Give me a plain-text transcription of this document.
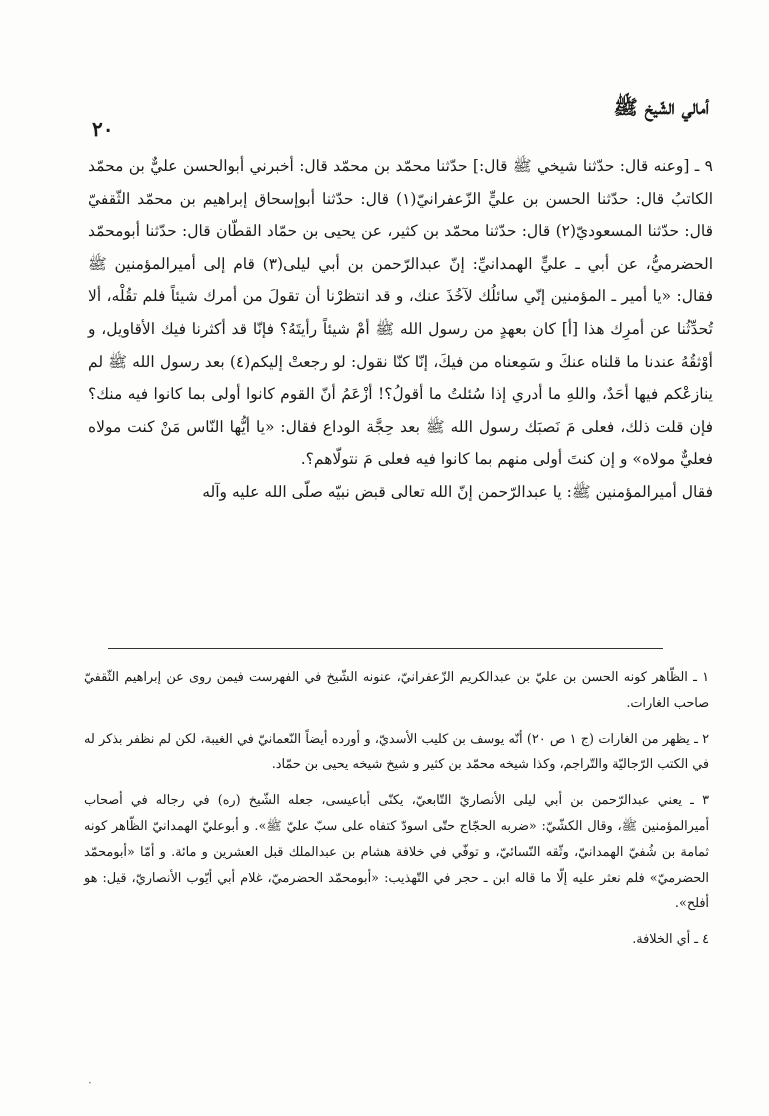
أمالي الشّيخ ﷺ
٢٠

٩ ـ [وعنه قال: حدّثنا شيخي ﷺ قال:] حدّثنا محمّد بن محمّد قال: أخبرني أبوالحسن عليٌّ بن محمّد الكاتبُ قال: حدّثنا الحسن بن عليٍّ الزّعفرانيّ(١) قال: حدّثنا أبوإسحاق إبراهيم بن محمّد الثّقفيّ قال: حدّثنا المسعوديّ(٢) قال: حدّثنا محمّد بن كثير، عن يحيى بن حمّاد القطّان قال: حدّثنا أبومحمّد الحضرميُّ، عن أبي ـ عليٍّ الهمدانيِّ: إنّ عبدالرّحمن بن أبي ليلى(٣) قام إلى أميرالمؤمنين ﷺ فقال: «يا أمير ـ المؤمنين إنّي سائلُك لآخُذَ عنك، و قد انتظرْنا أن تقولَ من أمرك شيئاً فلم تقُلْه، ألا تُحدِّثُنا عن أمرِك هذا [أ] كان بعهدٍ من رسول الله ﷺ أمْ شيئاً رأيتَهُ؟ فإنّا قد أكثرنا فيك الأقاويل، و أوْثقُهُ عندنا ما قلناه عنكَ و سَمِعناه من فيكَ، إنّا كنّا نقول: لو رجعتْ إليكم(٤) بعد رسول الله ﷺ لم ينازعْكم فيها أحَدٌ، واللهِ ما أدري إذا سُئلتُ ما أقولُ؟! أزْعَمُ أنّ القوم كانوا أولى بما كانوا فيه منك؟ فإن قلت ذلك، فعلى مَ نَصبَك رسول الله ﷺ بعد حِجَّة الوداع فقال: «يا أيُّها النّاس مَنْ كنت مولاه فعليٌّ مولاه» و إن كنتَ أولى منهم بما كانوا فيه فعلى مَ نتولّاهم؟.

فقال أميرالمؤمنين ﷺ: يا عبدالرّحمن إنّ الله تعالى قبض نبيّه صلّى الله عليه وآله

١ ـ الظّاهر كونه الحسن بن عليّ بن عبدالكريم الزّعفرانيّ، عنونه الشّيخ في الفهرست فيمن روى عن إبراهيم الثّقفيّ صاحب الغارات.

٢ ـ يظهر من الغارات (ج ١ ص ٢٠) أنّه يوسف بن كليب الأسديّ، و أورده أيضاً النّعمانيّ في الغيبة، لكن لم نظفر بذكر له في الكتب الرّجاليّة والتّراجم، وكذا شيخه محمّد بن كثير و شيخ شيخه يحيى بن حمّاد.

٣ ـ يعني عبدالرّحمن بن أبي ليلى الأنصاريّ التّابعيّ، يكنّى أباعيسى، جعله الشّيخ (ره) في رجاله في أصحاب أميرالمؤمنين ﷺ، وقال الكشّيّ: «ضربه الحجّاج حتّى اسودّ كتفاه على سبّ عليّ ﷺ». و أبوعليّ الهمدانيّ الظّاهر كونه ثمامة بن شُفيّ الهمدانيّ، وثّقه النّسائيّ، و توفّي في خلافة هشام بن عبدالملك قبل العشرين و مائة. و أمّا «أبومحمّد الحضرميّ» فلم نعثر عليه إلّا ما قاله ابن ـ حجر في التّهذيب: «أبومحمّد الحضرميّ، غلام أبي أيّوب الأنصاريّ، قيل: هو أفلح».

٤ ـ أي الخلافة.

·
